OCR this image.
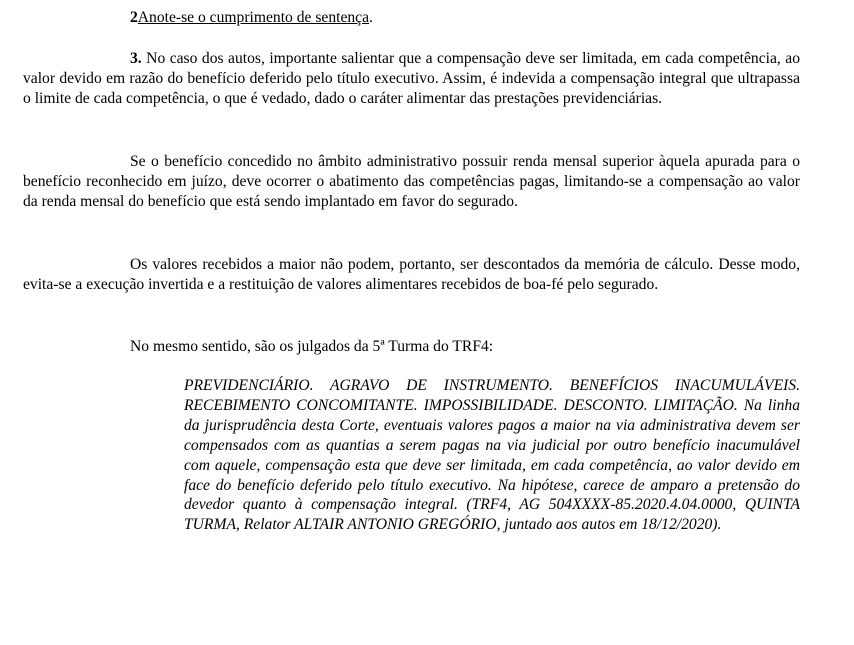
2Anote-se o cumprimento de sentença.

3. No caso dos autos, importante salientar que a compensação deve ser limitada, em cada competência, ao valor devido em razão do benefício deferido pelo título executivo. Assim, é indevida a compensação integral que ultrapassa o limite de cada competência, o que é vedado, dado o caráter alimentar das prestações previdenciárias.

Se o benefício concedido no âmbito administrativo possuir renda mensal superior àquela apurada para o benefício reconhecido em juízo, deve ocorrer o abatimento das competências pagas, limitando-se a compensação ao valor da renda mensal do benefício que está sendo implantado em favor do segurado.

Os valores recebidos a maior não podem, portanto, ser descontados da memória de cálculo. Desse modo, evita-se a execução invertida e a restituição de valores alimentares recebidos de boa-fé pelo segurado.

No mesmo sentido, são os julgados da 5ª Turma do TRF4:

PREVIDENCIÁRIO. AGRAVO DE INSTRUMENTO. BENEFÍCIOS INACUMULÁVEIS. RECEBIMENTO CONCOMITANTE. IMPOSSIBILIDADE. DESCONTO. LIMITAÇÃO. Na linha da jurisprudência desta Corte, eventuais valores pagos a maior na via administrativa devem ser compensados com as quantias a serem pagas na via judicial por outro benefício inacumulável com aquele, compensação esta que deve ser limitada, em cada competência, ao valor devido em face do benefício deferido pelo título executivo. Na hipótese, carece de amparo a pretensão do devedor quanto à compensação integral. (TRF4, AG 504XXXX-85.2020.4.04.0000, QUINTA TURMA, Relator ALTAIR ANTONIO GREGÓRIO, juntado aos autos em 18/12/2020).
